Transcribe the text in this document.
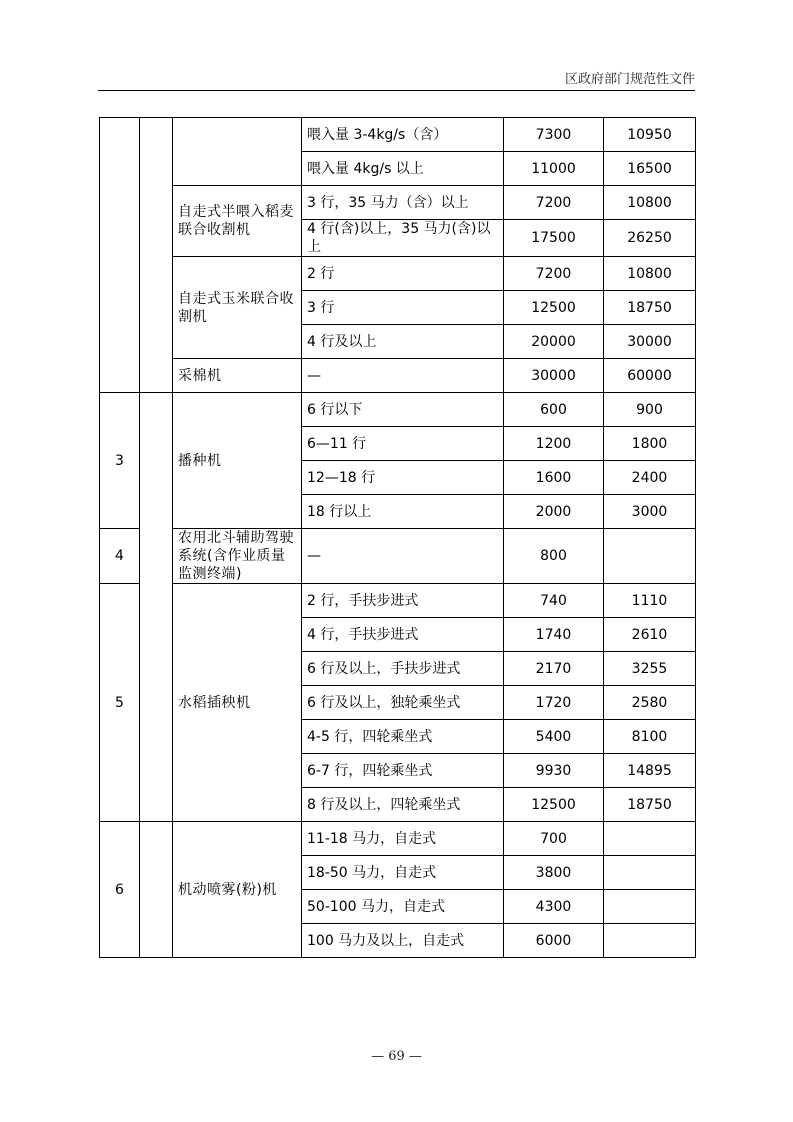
区政府部门规范性文件
			喂入量 3-4kg/s（含）	7300	10950
			喂入量 4kg/s 以上	11000	16500
		自走式半喂入稻麦联合收割机	3 行，35 马力（含）以上	7200	10800
			4 行(含)以上，35 马力(含)以上	17500	26250
		自走式玉米联合收割机	2 行	7200	10800
			3 行	12500	18750
			4 行及以上	20000	30000
		采棉机	—	30000	60000
3		播种机	6 行以下	600	900
			6—11 行	1200	1800
			12—18 行	1600	2400
			18 行以上	2000	3000
4		农用北斗辅助驾驶系统(含作业质量监测终端)	—	800	
5		水稻插秧机	2 行，手扶步进式	740	1110
			4 行，手扶步进式	1740	2610
			6 行及以上，手扶步进式	2170	3255
			6 行及以上，独轮乘坐式	1720	2580
			4-5 行，四轮乘坐式	5400	8100
			6-7 行，四轮乘坐式	9930	14895
			8 行及以上，四轮乘坐式	12500	18750
6		机动喷雾(粉)机	11-18 马力，自走式	700	
			18-50 马力，自走式	3800	
			50-100 马力，自走式	4300	
			100 马力及以上，自走式	6000	
— 69 —
